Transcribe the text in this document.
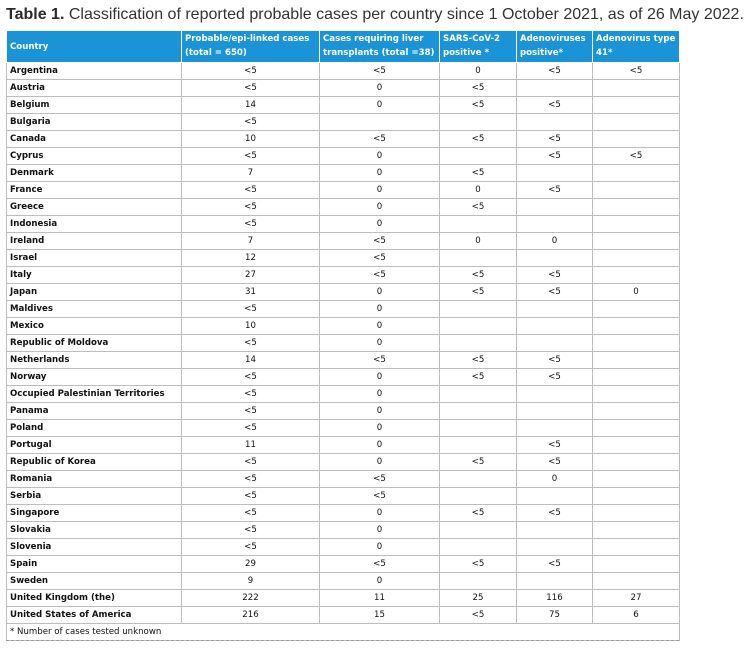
Table 1. Classification of reported probable cases per country since 1 October 2021, as of 26 May 2022.
Country	Probable/epi-linked cases (total = 650)	Cases requiring liver transplants (total =38)	SARS-CoV-2 positive *	Adenoviruses positive*	Adenovirus type 41*
Argentina	<5	<5	0	<5	<5
Austria	<5	0	<5		
Belgium	14	0	<5	<5	
Bulgaria	<5				
Canada	10	<5	<5	<5	
Cyprus	<5	0		<5	<5
Denmark	7	0	<5		
France	<5	0	0	<5	
Greece	<5	0	<5		
Indonesia	<5	0			
Ireland	7	<5	0	0	
Israel	12	<5			
Italy	27	<5	<5	<5	
Japan	31	0	<5	<5	0
Maldives	<5	0			
Mexico	10	0			
Republic of Moldova	<5	0			
Netherlands	14	<5	<5	<5	
Norway	<5	0	<5	<5	
Occupied Palestinian Territories	<5	0			
Panama	<5	0			
Poland	<5	0			
Portugal	11	0		<5	
Republic of Korea	<5	0	<5	<5	
Romania	<5	<5		0	
Serbia	<5	<5			
Singapore	<5	0	<5	<5	
Slovakia	<5	0			
Slovenia	<5	0			
Spain	29	<5	<5	<5	
Sweden	9	0			
United Kingdom (the)	222	11	25	116	27
United States of America	216	15	<5	75	6
* Number of cases tested unknown					
